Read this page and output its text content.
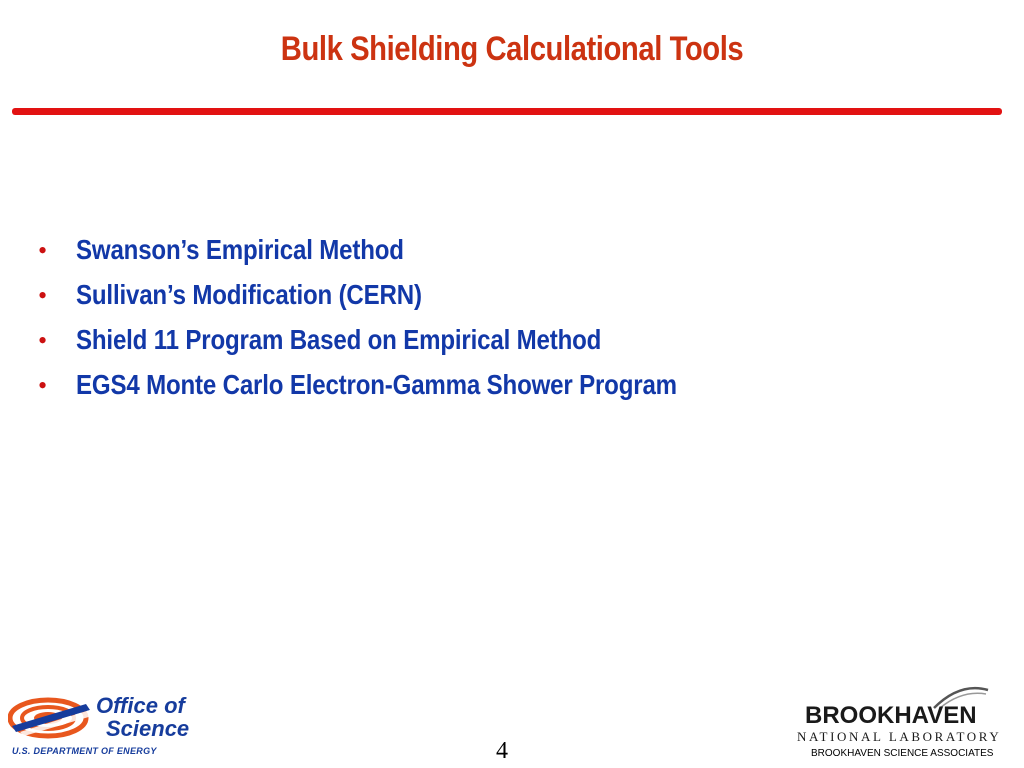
Bulk Shielding Calculational Tools
•	Swanson’s Empirical Method
•	Sullivan’s Modification (CERN)
•	Shield 11 Program Based on Empirical Method
•	EGS4 Monte Carlo Electron-Gamma Shower Program
Office of
Science
U.S. DEPARTMENT OF ENERGY	4
BROOKHAVEN
NATIONAL LABORATORY
BROOKHAVEN SCIENCE ASSOCIATES
